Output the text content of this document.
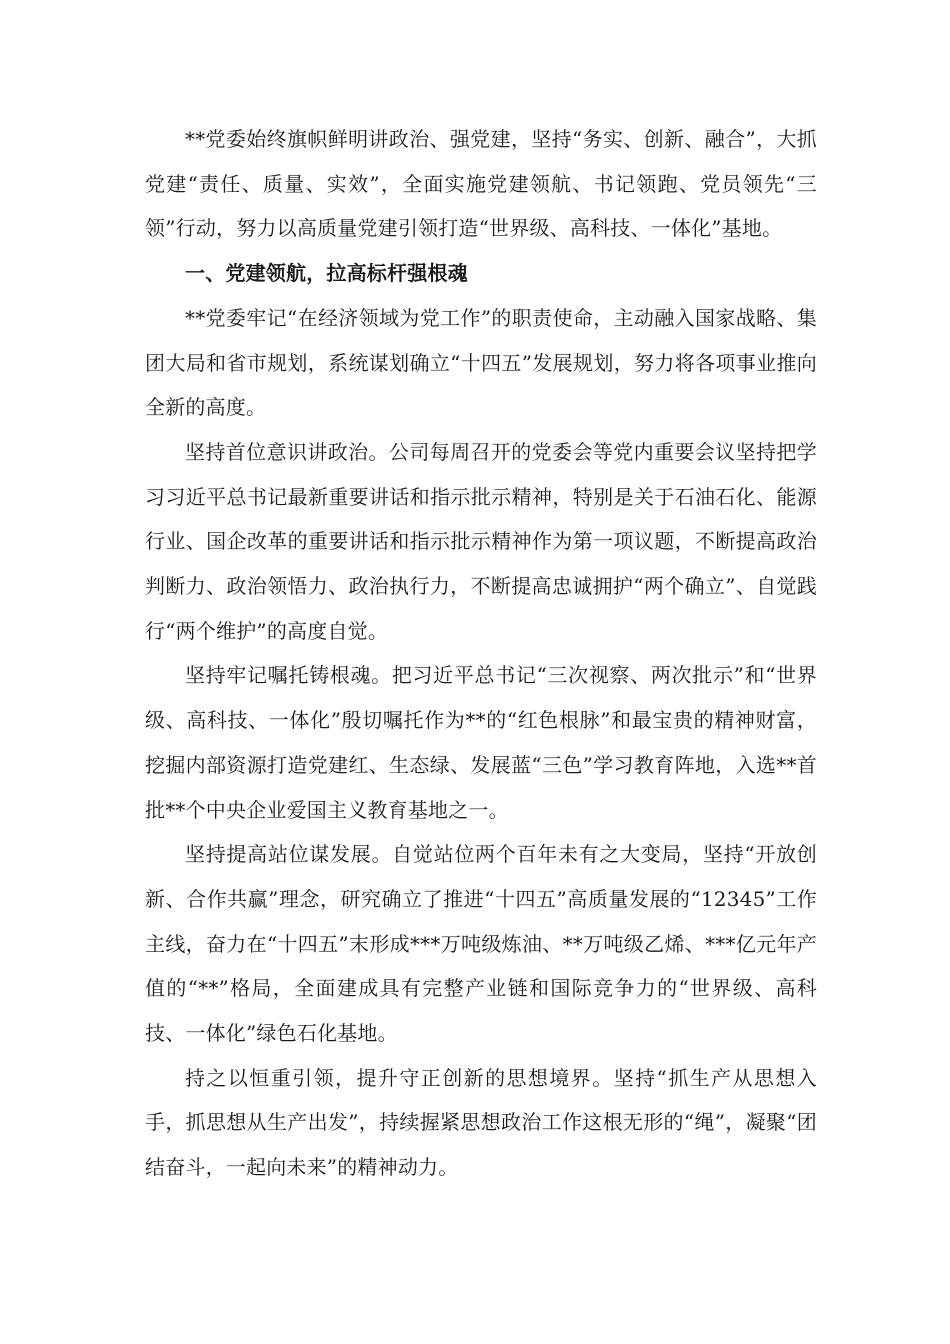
**党委始终旗帜鲜明讲政治、强党建，坚持“务实、创新、融合”，大抓党建“责任、质量、实效”，全面实施党建领航、书记领跑、党员领先“三领”行动，努力以高质量党建引领打造“世界级、高科技、一体化”基地。

一、党建领航，拉高标杆强根魂

**党委牢记“在经济领域为党工作”的职责使命，主动融入国家战略、集团大局和省市规划，系统谋划确立“十四五”发展规划，努力将各项事业推向全新的高度。

坚持首位意识讲政治。公司每周召开的党委会等党内重要会议坚持把学习习近平总书记最新重要讲话和指示批示精神，特别是关于石油石化、能源行业、国企改革的重要讲话和指示批示精神作为第一项议题，不断提高政治判断力、政治领悟力、政治执行力，不断提高忠诚拥护“两个确立”、自觉践行“两个维护”的高度自觉。

坚持牢记嘱托铸根魂。把习近平总书记“三次视察、两次批示”和“世界级、高科技、一体化”殷切嘱托作为**的“红色根脉”和最宝贵的精神财富，挖掘内部资源打造党建红、生态绿、发展蓝“三色”学习教育阵地，入选**首批**个中央企业爱国主义教育基地之一。

坚持提高站位谋发展。自觉站位两个百年未有之大变局，坚持“开放创新、合作共赢”理念，研究确立了推进“十四五”高质量发展的“12345”工作主线，奋力在“十四五”末形成***万吨级炼油、**万吨级乙烯、***亿元年产值的“**”格局，全面建成具有完整产业链和国际竞争力的“世界级、高科技、一体化”绿色石化基地。

持之以恒重引领，提升守正创新的思想境界。坚持“抓生产从思想入手，抓思想从生产出发”，持续握紧思想政治工作这根无形的“绳”，凝聚“团结奋斗，一起向未来”的精神动力。
